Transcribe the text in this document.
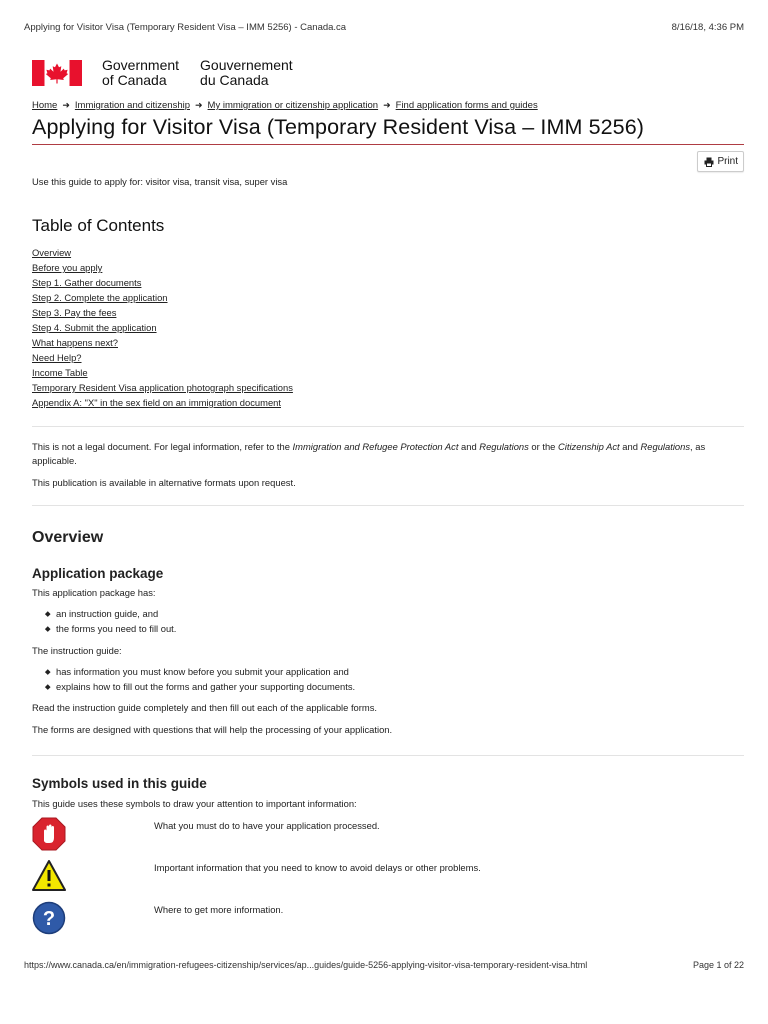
Applying for Visitor Visa (Temporary Resident Visa – IMM 5256) - Canada.ca	8/16/18, 4:36 PM
Government
of Canada
Gouvernement
du Canada
Home ➜ Immigration and citizenship ➜ My immigration or citizenship application ➜ Find application forms and guides
Applying for Visitor Visa (Temporary Resident Visa – IMM 5256)
Print

Use this guide to apply for: visitor visa, transit visa, super visa

Table of Contents
Overview
Before you apply
Step 1. Gather documents
Step 2. Complete the application
Step 3. Pay the fees
Step 4. Submit the application
What happens next?
Need Help?
Income Table
Temporary Resident Visa application photograph specifications
Appendix A: "X" in the sex field on an immigration document

This is not a legal document. For legal information, refer to the Immigration and Refugee Protection Act and Regulations or the Citizenship Act and Regulations, as applicable.

This publication is available in alternative formats upon request.

Overview
Application package

This application package has:

an instruction guide, and
the forms you need to fill out.

The instruction guide:

has information you must know before you submit your application and
explains how to fill out the forms and gather your supporting documents.

Read the instruction guide completely and then fill out each of the applicable forms.

The forms are designed with questions that will help the processing of your application.

Symbols used in this guide

This guide uses these symbols to draw your attention to important information:

What you must do to have your application processed.

Important information that you need to know to avoid delays or other problems.

?	Where to get more information.

https://www.canada.ca/en/immigration-refugees-citizenship/services/ap...guides/guide-5256-applying-visitor-visa-temporary-resident-visa.html	Page 1 of 22
